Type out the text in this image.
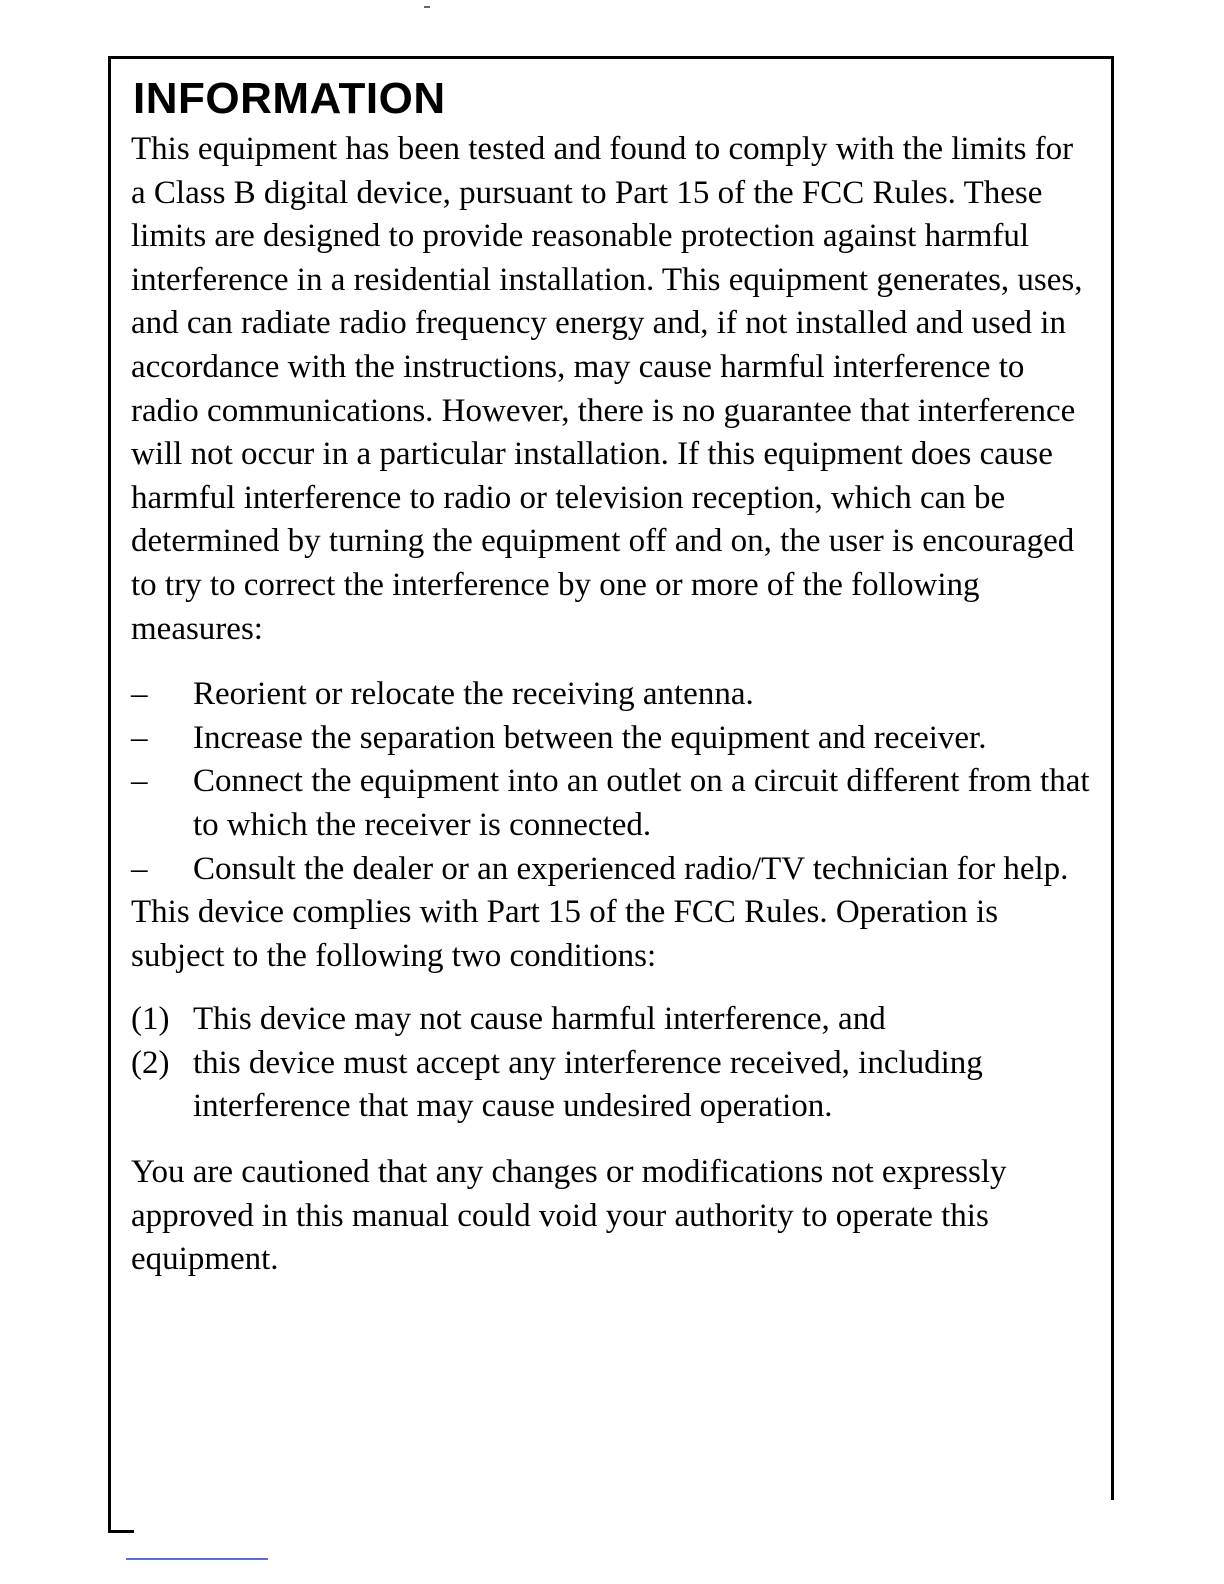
INFORMATION

This equipment has been tested and found to comply with the limits for a Class B digital device, pursuant to Part 15 of the FCC Rules. These limits are designed to provide reasonable protection against harmful interference in a residential installation. This equipment generates, uses, and can radiate radio frequency energy and, if not installed and used in accordance with the instructions, may cause harmful interference to radio communications. However, there is no guarantee that interference will not occur in a particular installation. If this equipment does cause harmful interference to radio or television reception, which can be determined by turning the equipment off and on, the user is encouraged to try to correct the interference by one or more of the following measures:

– Reorient or relocate the receiving antenna.
– Increase the separation between the equipment and receiver.
– Connect the equipment into an outlet on a circuit different from that to which the receiver is connected.
– Consult the dealer or an experienced radio/TV technician for help.

This device complies with Part 15 of the FCC Rules. Operation is subject to the following two conditions:

(1) This device may not cause harmful interference, and
(2) this device must accept any interference received, including interference that may cause undesired operation.

You are cautioned that any changes or modifications not expressly approved in this manual could void your authority to operate this equipment.
